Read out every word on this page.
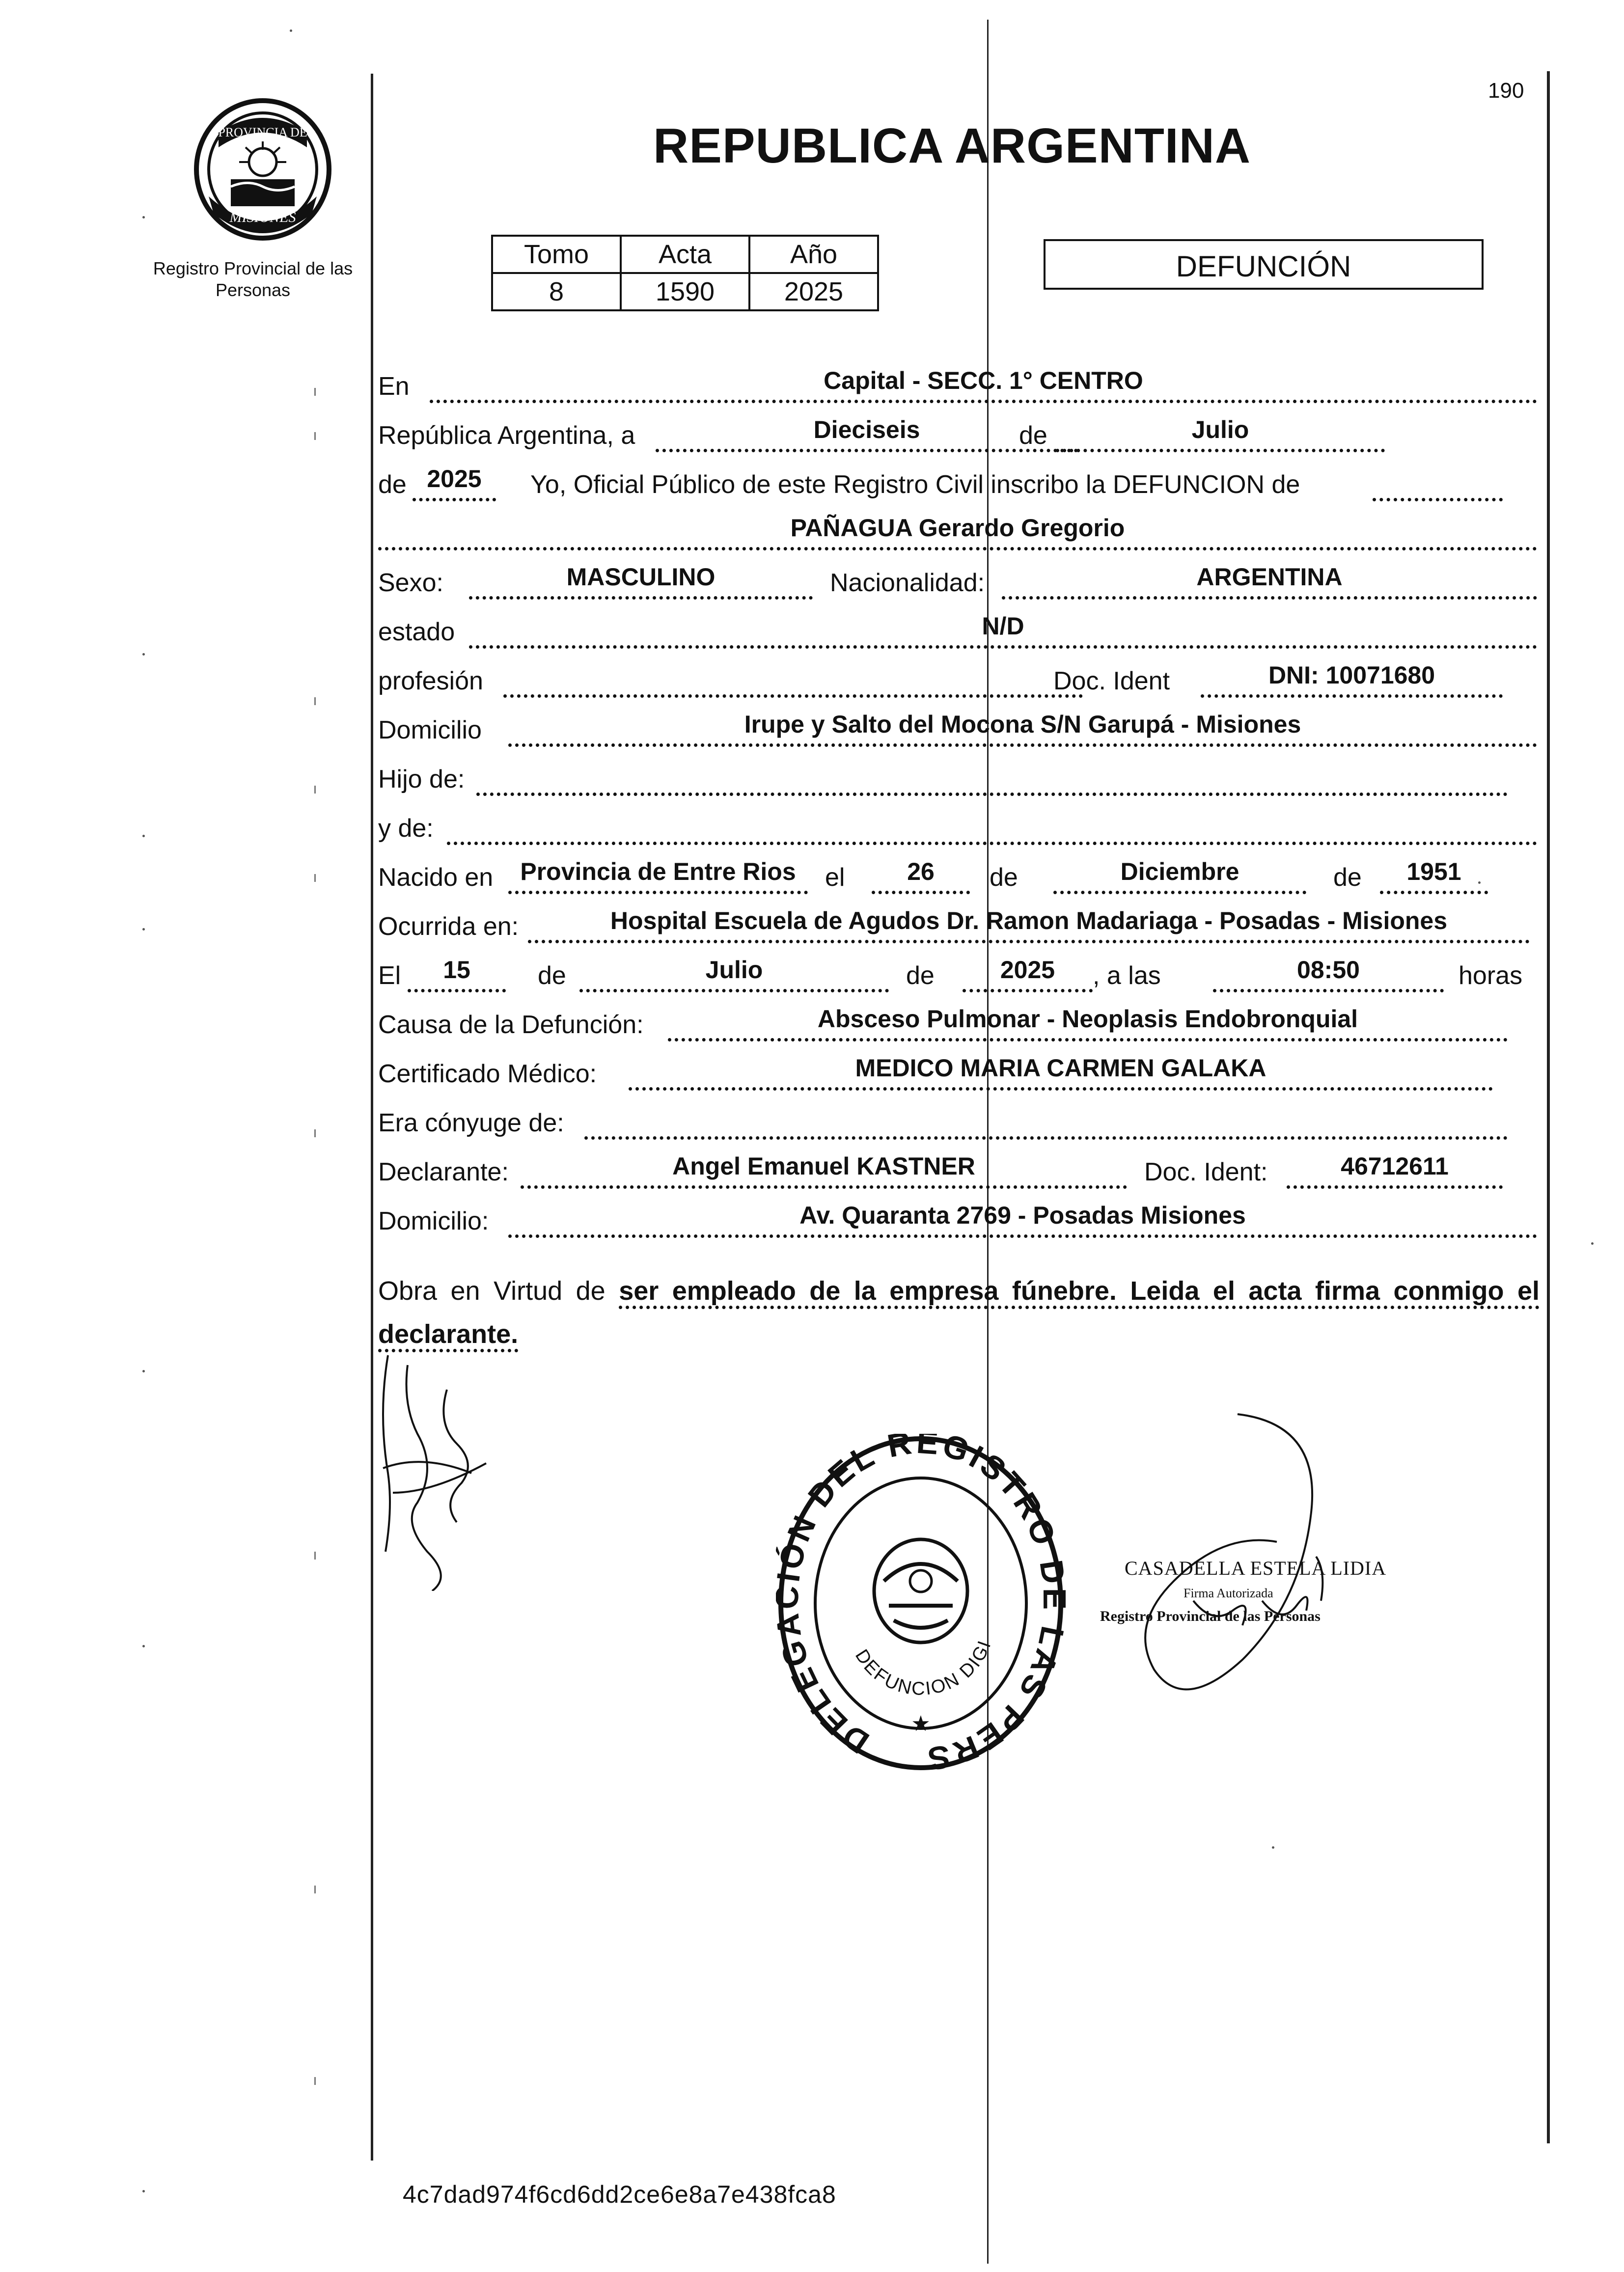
PROVINCIA DE
MISIONES
Registro Provincial de las Personas
190
REPUBLICA ARGENTINA
Tomo	Acta	Año
8	1590	2025
DEFUNCIÓN
En	Capital - SECC. 1° CENTRO
República Argentina, a	Dieciseis	de	Julio
de 2025	Yo, Oficial Público de este Registro Civil inscribo la DEFUNCION de
PAÑAGUA Gerardo Gregorio
Sexo:	MASCULINO	Nacionalidad:	ARGENTINA
estado	N/D
profesión	Doc. Ident	DNI: 10071680
Domicilio	Irupe y Salto del Mocona S/N Garupá - Misiones
Hijo de:
y de:
Nacido en	Provincia de Entre Rios	el	26	de	Diciembre	de	1951
Ocurrida en:	Hospital Escuela de Agudos Dr. Ramon Madariaga - Posadas - Misiones
El	15	de	Julio	de	2025	, a las	08:50	horas
Causa de la Defunción:	Absceso Pulmonar - Neoplasis Endobronquial
Certificado Médico:	MEDICO MARIA CARMEN GALAKA
Era cónyuge de:
Declarante:	Angel Emanuel KASTNER	Doc. Ident:	46712611
Domicilio:	Av. Quaranta 2769 - Posadas Misiones
Obra en Virtud de ser empleado de la empresa fúnebre. Leida el acta firma conmigo el declarante.
DELEG N DEL REGISTRO AS PERS
DEFUNCION DIGI
★
CASADELLA ESTELA LIDIA
Firma Autorizada
Registro Provincial de las Personas
4c7dad974f6cd6dd2ce6e8a7e438fca8
